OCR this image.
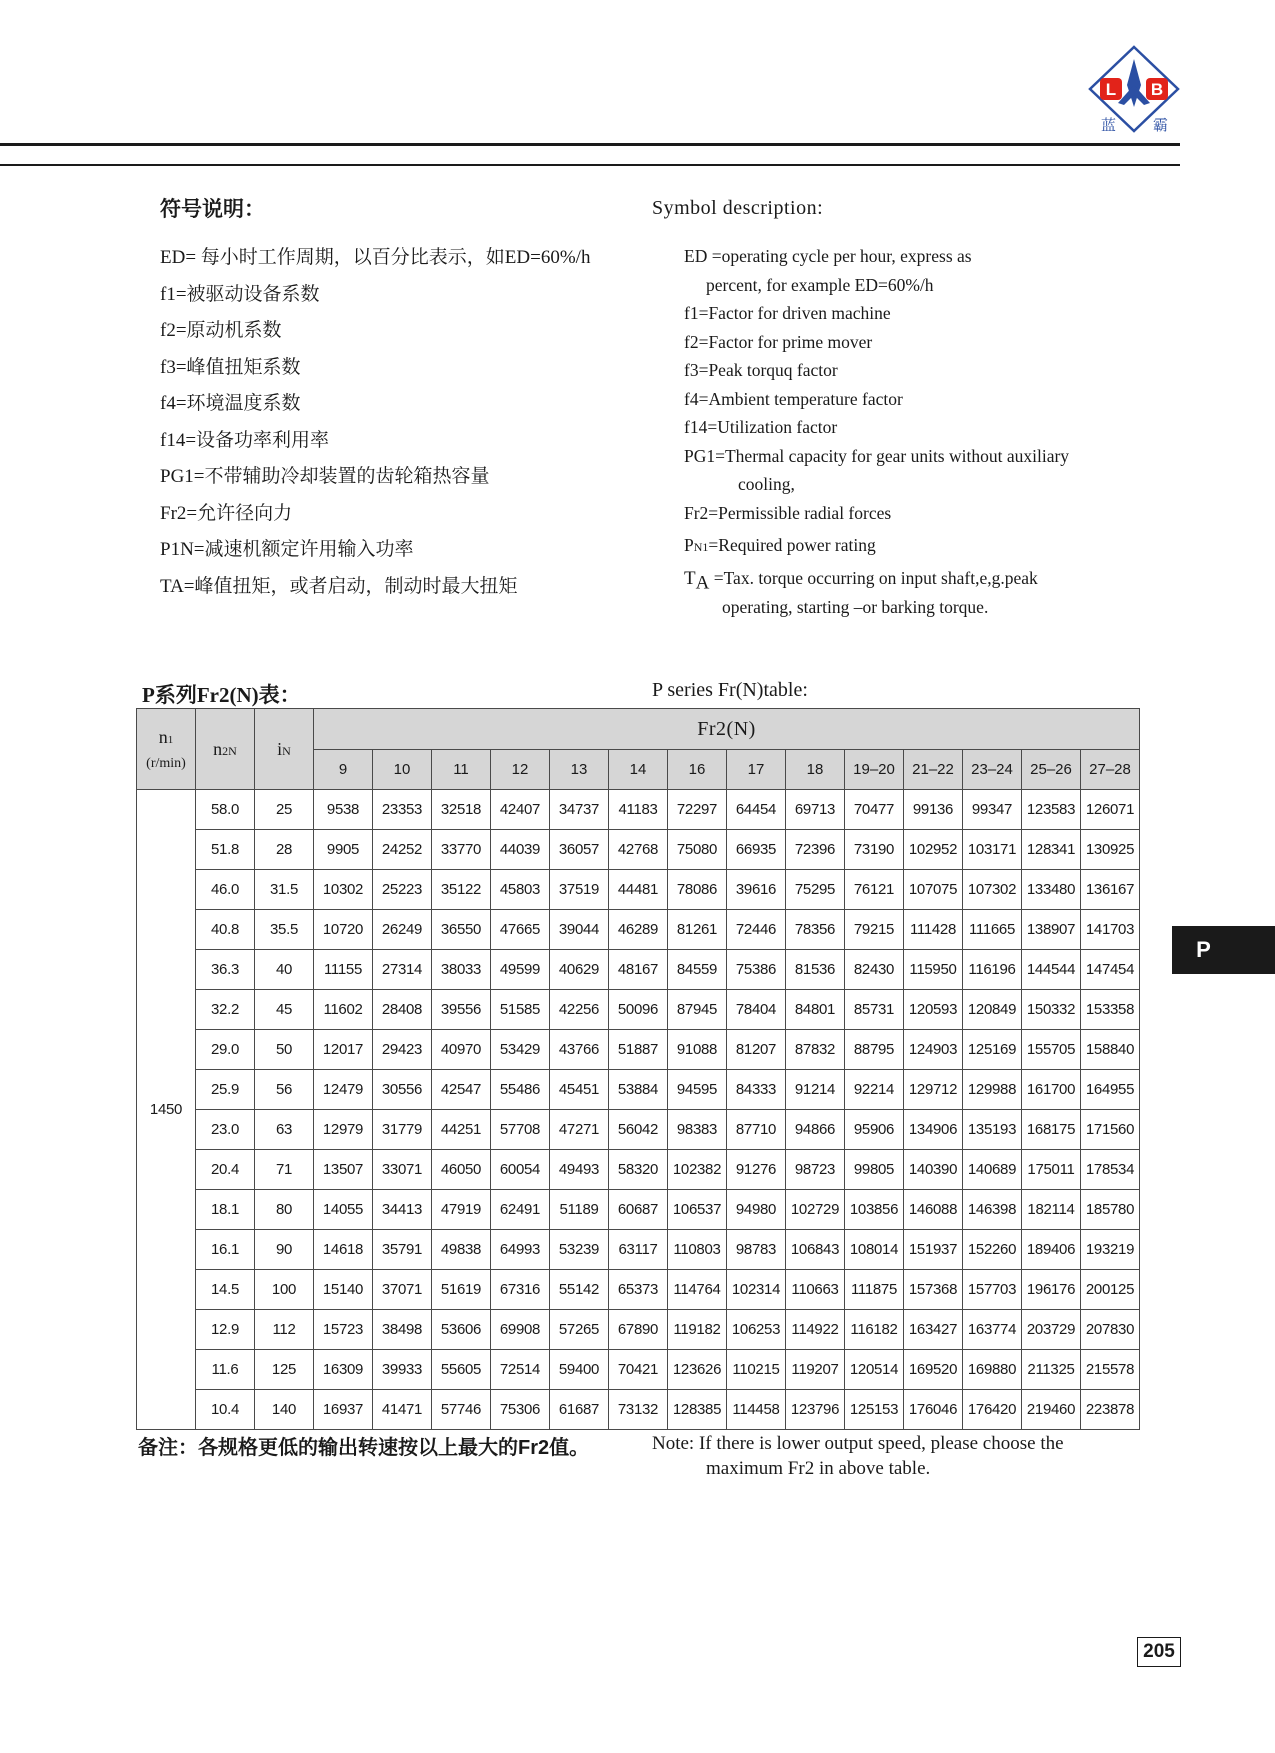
L B
蓝 霸
符号说明：	Symbol description:
ED= 每小时工作周期，以百分比表示，如ED=60%/h
f1=被驱动设备系数
f2=原动机系数
f3=峰值扭矩系数
f4=环境温度系数
f14=设备功率利用率
PG1=不带辅助冷却装置的齿轮箱热容量
Fr2=允许径向力
P1N=减速机额定许用输入功率
TA=峰值扭矩，或者启动，制动时最大扭矩
ED =operating cycle per hour, express as
percent, for example ED=60%/h
f1=Factor for driven machine
f2=Factor for prime mover
f3=Peak torquq factor
f4=Ambient temperature factor
f14=Utilization factor
PG1=Thermal capacity for gear units without auxiliary
cooling,
Fr2=Permissible radial forces
PN1=Required power rating
$T_A =Tax$. torque occurring on input shaft,e,g.peak
operating, starting –or barking torque.
P系列Fr2(N)表：	P series Fr(N)table:
n1
(r/min)	n2N	iN	Fr2(N)													
			9	10	11	12	13	14	16	17	18	19–20	21–22	23–24	25–26	27–28
1450	58.0	25	9538	23353	32518	42407	34737	41183	72297	64454	69713	70477	99136	99347	123583	126071
	51.8	28	9905	24252	33770	44039	36057	42768	75080	66935	72396	73190	102952	103171	128341	130925
	46.0	31.5	10302	25223	35122	45803	37519	44481	78086	39616	75295	76121	107075	107302	133480	136167
	40.8	35.5	10720	26249	36550	47665	39044	46289	81261	72446	78356	79215	111428	111665	138907	141703
	36.3	40	11155	27314	38033	49599	40629	48167	84559	75386	81536	82430	115950	116196	144544	147454
	32.2	45	11602	28408	39556	51585	42256	50096	87945	78404	84801	85731	120593	120849	150332	153358
	29.0	50	12017	29423	40970	53429	43766	51887	91088	81207	87832	88795	124903	125169	155705	158840
	25.9	56	12479	30556	42547	55486	45451	53884	94595	84333	91214	92214	129712	129988	161700	164955
	23.0	63	12979	31779	44251	57708	47271	56042	98383	87710	94866	95906	134906	135193	168175	171560
	20.4	71	13507	33071	46050	60054	49493	58320	102382	91276	98723	99805	140390	140689	175011	178534
	18.1	80	14055	34413	47919	62491	51189	60687	106537	94980	102729	103856	146088	146398	182114	185780
	16.1	90	14618	35791	49838	64993	53239	63117	110803	98783	106843	108014	151937	152260	189406	193219
	14.5	100	15140	37071	51619	67316	55142	65373	114764	102314	110663	111875	157368	157703	196176	200125
	12.9	112	15723	38498	53606	69908	57265	67890	119182	106253	114922	116182	163427	163774	203729	207830
	11.6	125	16309	39933	55605	72514	59400	70421	123626	110215	119207	120514	169520	169880	211325	215578
	10.4	140	16937	41471	57746	75306	61687	73132	128385	114458	123796	125153	176046	176420	219460	223878
备注：各规格更低的输出转速按以上最大的Fr2值。	Note: If there is lower output speed, please choose the
maximum Fr2 in above table.
P
205
